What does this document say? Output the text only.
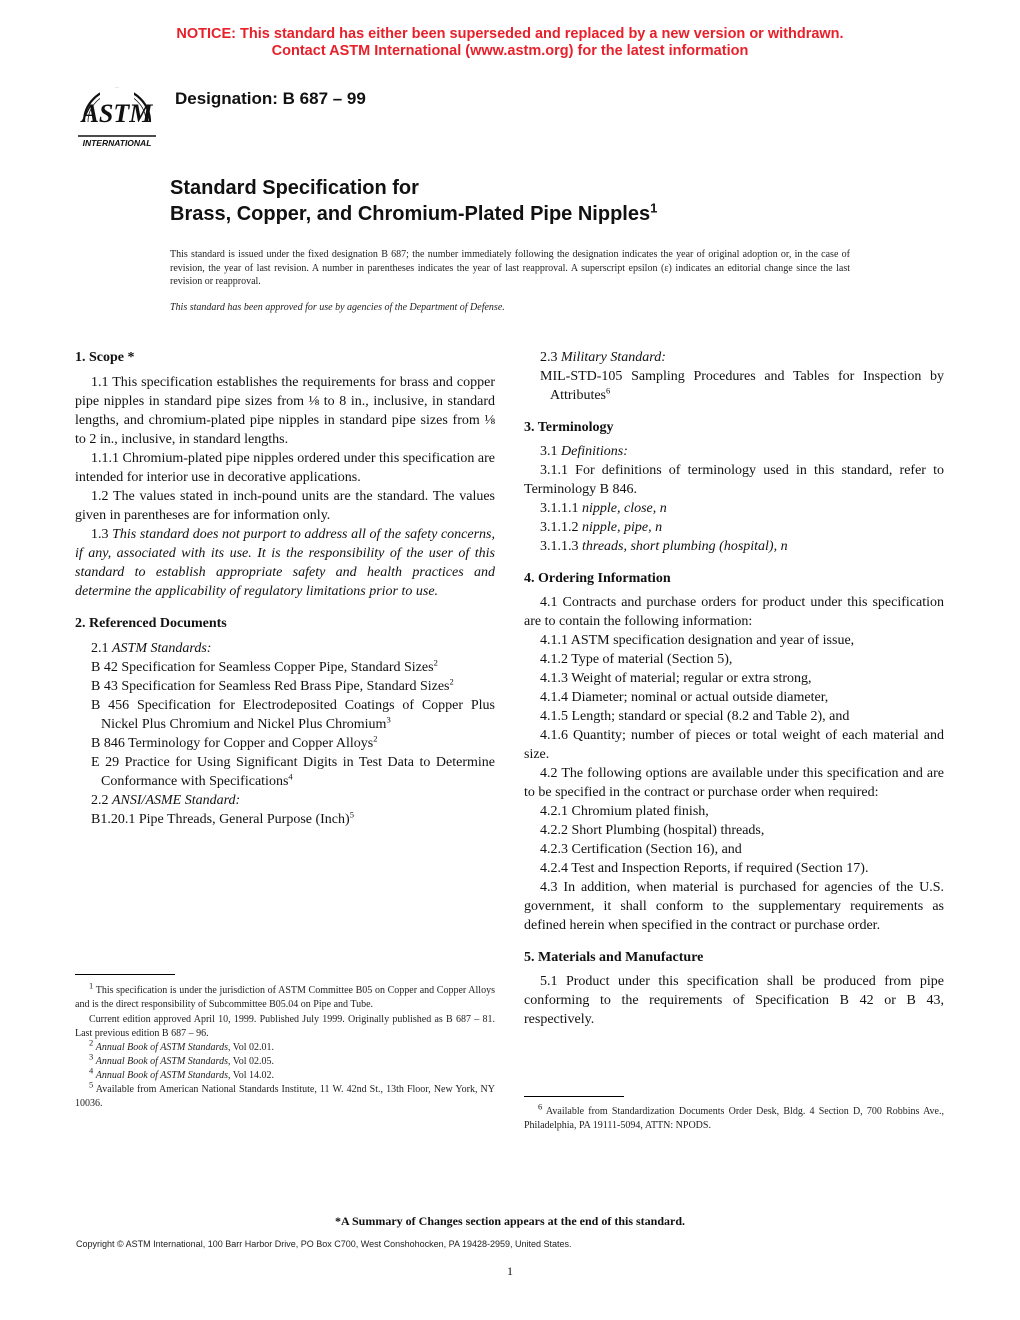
NOTICE: This standard has either been superseded and replaced by a new version or withdrawn.
Contact ASTM International (www.astm.org) for the latest information
ASTM
INTERNATIONAL
Designation: B 687 – 99
Standard Specification for
Brass, Copper, and Chromium-Plated Pipe Nipples$^1$
This standard is issued under the fixed designation B 687; the number immediately following the designation indicates the year of original adoption or, in the case of revision, the year of last revision. A number in parentheses indicates the year of last reapproval. A superscript epsilon (ε) indicates an editorial change since the last revision or reapproval.
This standard has been approved for use by agencies of the Department of Defense.

1. Scope *

1.1 This specification establishes the requirements for brass and copper pipe nipples in standard pipe sizes from ⅛ to 8 in., inclusive, in standard lengths, and chromium-plated pipe nipples in standard pipe sizes from ⅛ to 2 in., inclusive, in standard lengths.

1.1.1 Chromium-plated pipe nipples ordered under this specification are intended for interior use in decorative applications.

1.2 The values stated in inch-pound units are the standard. The values given in parentheses are for information only.

1.3 This standard does not purport to address all of the safety concerns, if any, associated with its use. It is the responsibility of the user of this standard to establish appropriate safety and health practices and determine the applicability of regulatory limitations prior to use.

2. Referenced Documents

2.1 ASTM Standards:

B 42 Specification for Seamless Copper Pipe, Standard Sizes$^2$

B 43 Specification for Seamless Red Brass Pipe, Standard Sizes$^2$

B 456 Specification for Electrodeposited Coatings of Copper Plus Nickel Plus Chromium and Nickel Plus Chromium$^3$

B 846 Terminology for Copper and Copper Alloys$^2$

E 29 Practice for Using Significant Digits in Test Data to Determine Conformance with Specifications$^4$

2.2 ANSI/ASME Standard:

B1.20.1 Pipe Threads, General Purpose (Inch)$^5$

$^1$ This specification is under the jurisdiction of ASTM Committee B05 on Copper and Copper Alloys and is the direct responsibility of Subcommittee B05.04 on Pipe and Tube.

Current edition approved April 10, 1999. Published July 1999. Originally published as B 687 – 81. Last previous edition B 687 – 96.

$^2$ Annual Book of ASTM Standards, Vol 02.01.

$^3$ Annual Book of ASTM Standards, Vol 02.05.

$^4$ Annual Book of ASTM Standards, Vol 14.02.

$^5$ Available from American National Standards Institute, 11 W. 42nd St., 13th Floor, New York, NY 10036.

2.3 Military Standard:

MIL-STD-105 Sampling Procedures and Tables for Inspection by Attributes$^6$

3. Terminology

3.1 Definitions:

3.1.1 For definitions of terminology used in this standard, refer to Terminology B 846.

3.1.1.1 nipple, close, n

3.1.1.2 nipple, pipe, n

3.1.1.3 threads, short plumbing (hospital), n

4. Ordering Information

4.1 Contracts and purchase orders for product under this specification are to contain the following information:

4.1.1 ASTM specification designation and year of issue,

4.1.2 Type of material (Section 5),

4.1.3 Weight of material; regular or extra strong,

4.1.4 Diameter; nominal or actual outside diameter,

4.1.5 Length; standard or special (8.2 and Table 2), and

4.1.6 Quantity; number of pieces or total weight of each material and size.

4.2 The following options are available under this specification and are to be specified in the contract or purchase order when required:

4.2.1 Chromium plated finish,

4.2.2 Short Plumbing (hospital) threads,

4.2.3 Certification (Section 16), and

4.2.4 Test and Inspection Reports, if required (Section 17).

4.3 In addition, when material is purchased for agencies of the U.S. government, it shall conform to the supplementary requirements as defined herein when specified in the contract or purchase order.

5. Materials and Manufacture

5.1 Product under this specification shall be produced from pipe conforming to the requirements of Specification B 42 or B 43, respectively.

$^6$ Available from Standardization Documents Order Desk, Bldg. 4 Section D, 700 Robbins Ave., Philadelphia, PA 19111-5094, ATTN: NPODS.

*A Summary of Changes section appears at the end of this standard.
Copyright © ASTM International, 100 Barr Harbor Drive, PO Box C700, West Conshohocken, PA 19428-2959, United States.
1
